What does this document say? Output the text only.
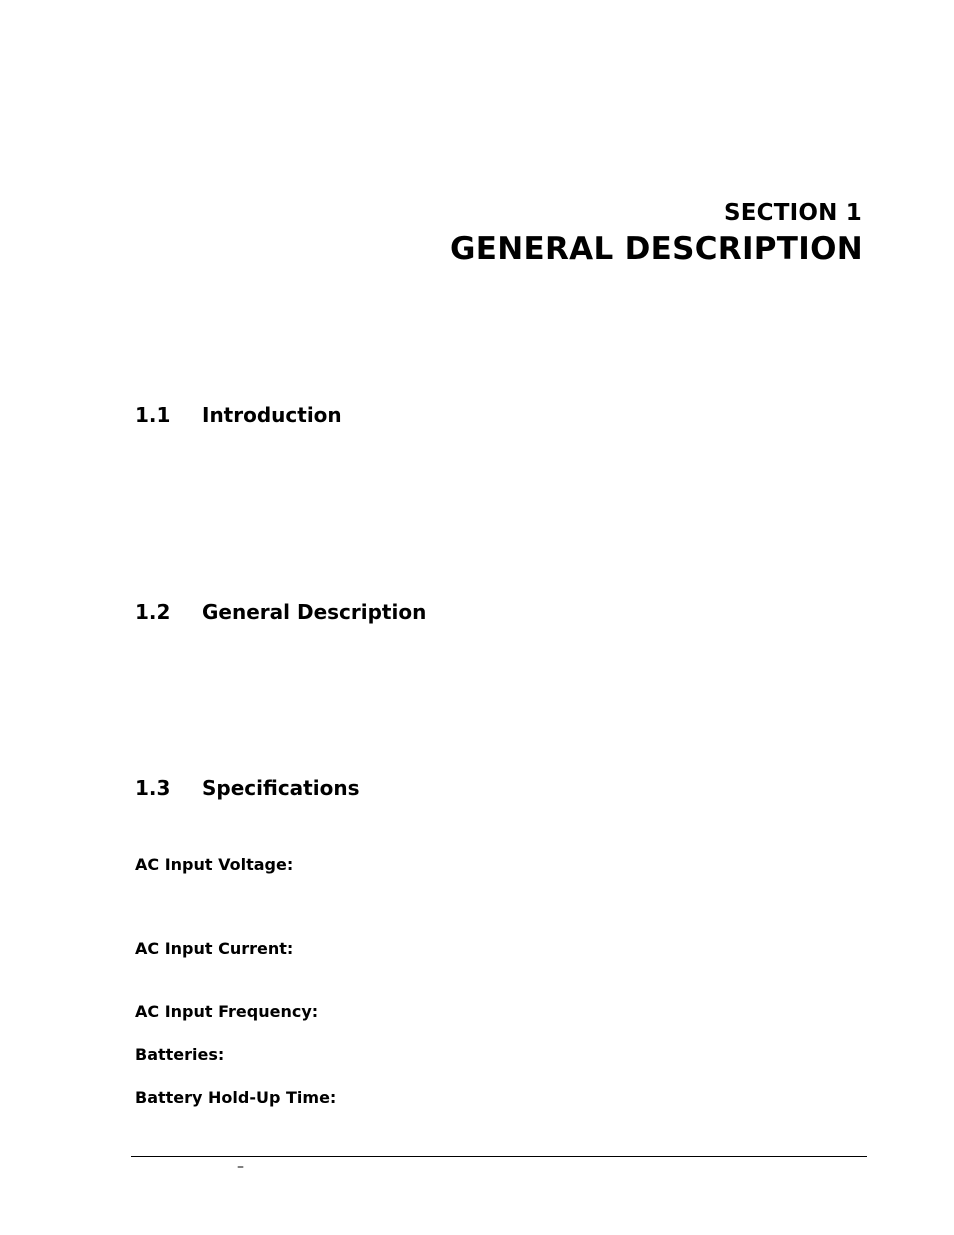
SECTION 1
GENERAL DESCRIPTION
1.1 Introduction
1.2 General Description
1.3 Specifications
AC Input Voltage:
AC Input Current:
AC Input Frequency:
Batteries:
Battery Hold-Up Time:
–
